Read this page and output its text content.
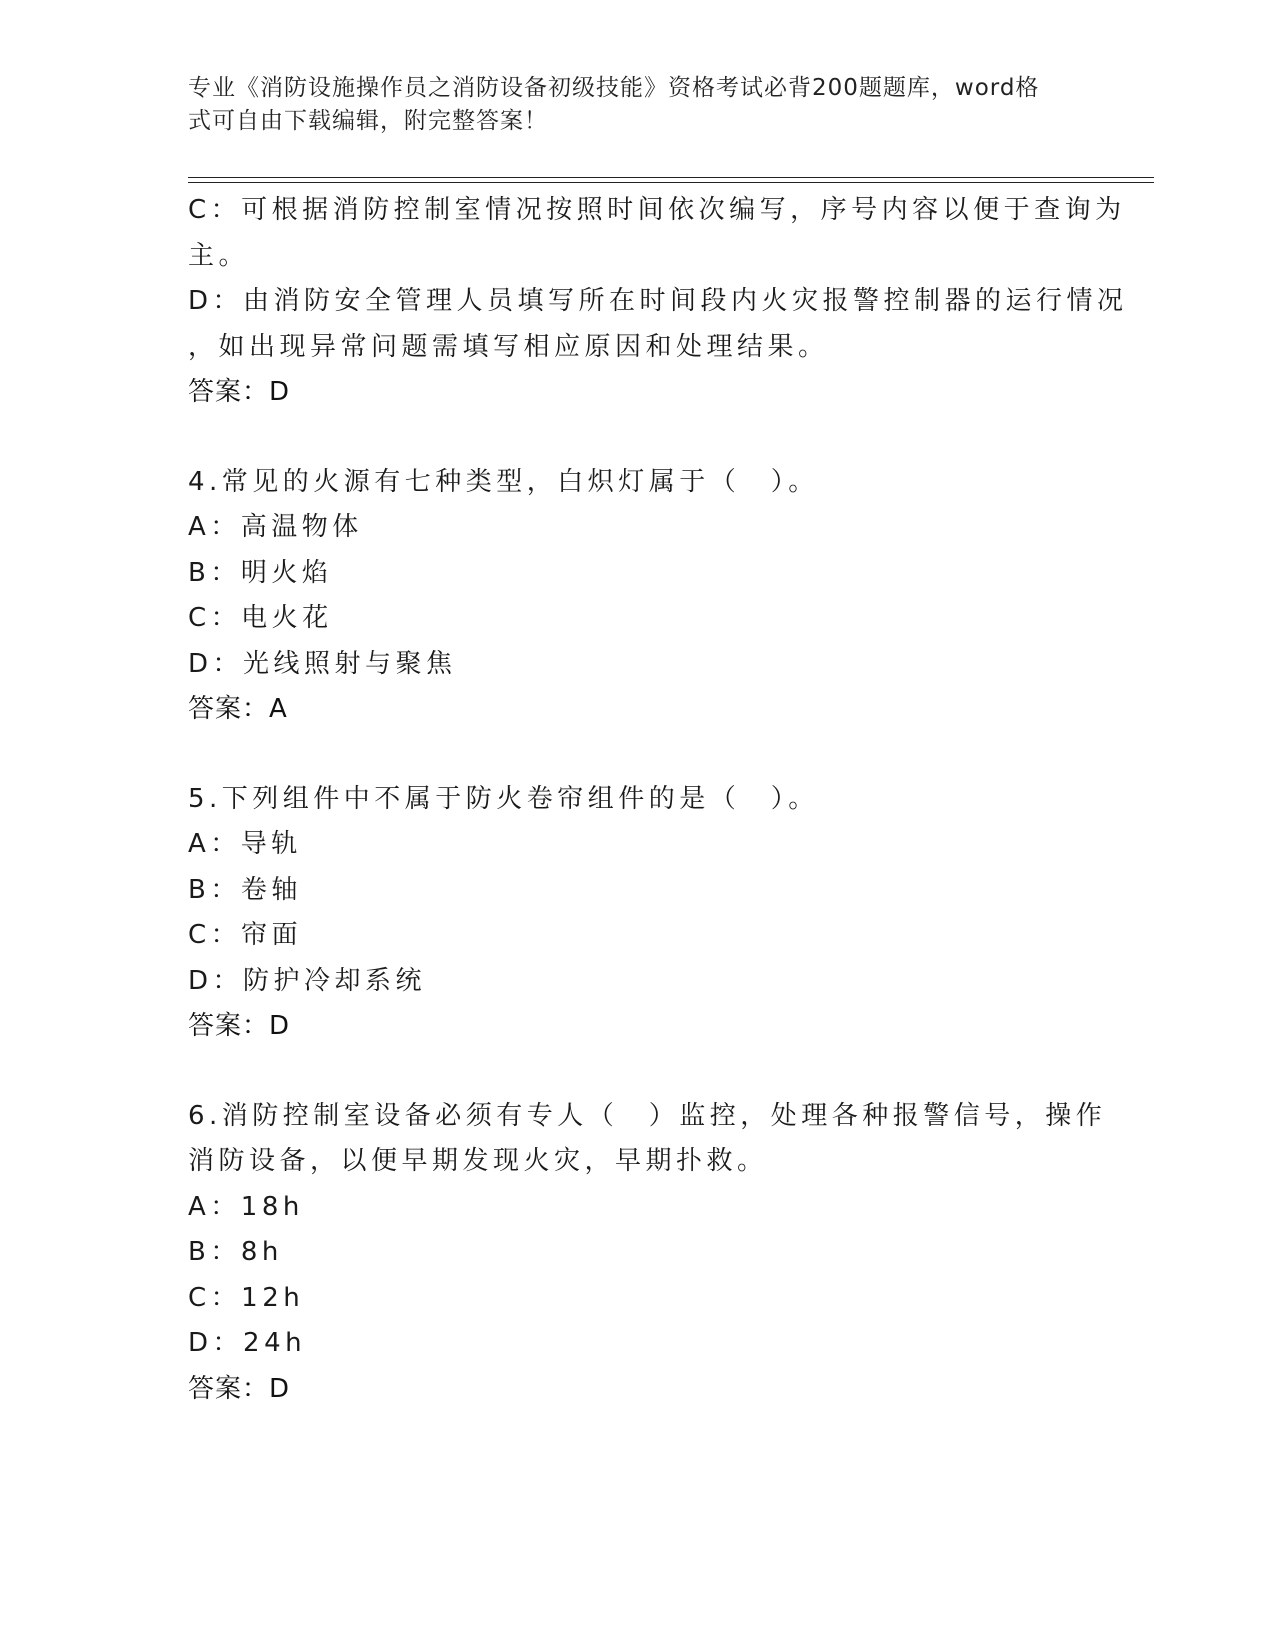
专业《消防设施操作员之消防设备初级技能》资格考试必背200题题库，word格
式可自由下载编辑，附完整答案！
C：可根据消防控制室情况按照时间依次编写，序号内容以便于查询为
主。
D：由消防安全管理人员填写所在时间段内火灾报警控制器的运行情况
，如出现异常问题需填写相应原因和处理结果。
答案：D
4.常见的火源有七种类型，白炽灯属于（　）。
A：高温物体
B：明火焰
C：电火花
D：光线照射与聚焦
答案：A
5.下列组件中不属于防火卷帘组件的是（　）。
A：导轨
B：卷轴
C：帘面
D：防护冷却系统
答案：D
6.消防控制室设备必须有专人（　）监控，处理各种报警信号，操作
消防设备，以便早期发现火灾，早期扑救。
A：18h
B：8h
C：12h
D：24h
答案：D
